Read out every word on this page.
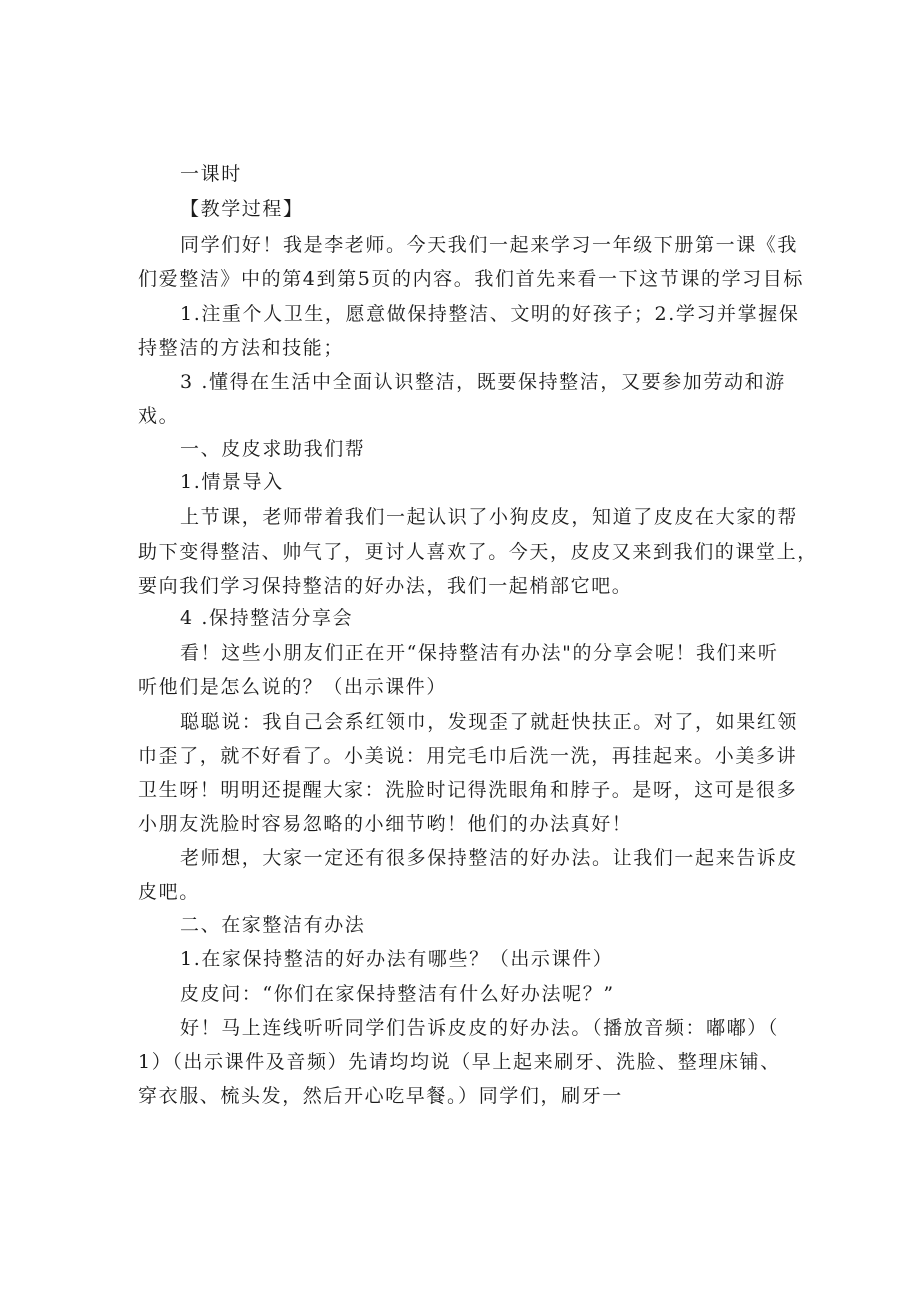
一课时
【教学过程】
同学们好！我是李老师。今天我们一起来学习一年级下册第一课《我
们爱整洁》中的第4到第5页的内容。我们首先来看一下这节课的学习目标
1.注重个人卫生，愿意做保持整洁、文明的好孩子；2.学习并掌握保
持整洁的方法和技能；
3 .懂得在生活中全面认识整洁，既要保持整洁，又要参加劳动和游
戏。
一、皮皮求助我们帮
1.情景导入
上节课，老师带着我们一起认识了小狗皮皮，知道了皮皮在大家的帮
助下变得整洁、帅气了，更讨人喜欢了。今天，皮皮又来到我们的课堂上，
要向我们学习保持整洁的好办法，我们一起梢部它吧。
4 .保持整洁分享会
看！这些小朋友们正在开“保持整洁有办法"的分享会呢！我们来听
听他们是怎么说的？（出示课件）
聪聪说：我自己会系红领巾，发现歪了就赶快扶正。对了，如果红领
巾歪了，就不好看了。小美说：用完毛巾后洗一洗，再挂起来。小美多讲
卫生呀！明明还提醒大家：洗脸时记得洗眼角和脖子。是呀，这可是很多
小朋友洗脸时容易忽略的小细节哟！他们的办法真好！
老师想，大家一定还有很多保持整洁的好办法。让我们一起来告诉皮
皮吧。
二、在家整洁有办法
1.在家保持整洁的好办法有哪些？（出示课件）
皮皮问：“你们在家保持整洁有什么好办法呢？”
好！马上连线听听同学们告诉皮皮的好办法。（播放音频：嘟嘟）（
1）（出示课件及音频）先请均均说（早上起来刷牙、洗脸、整理床铺、
穿衣服、梳头发，然后开心吃早餐。）同学们，刷牙一
